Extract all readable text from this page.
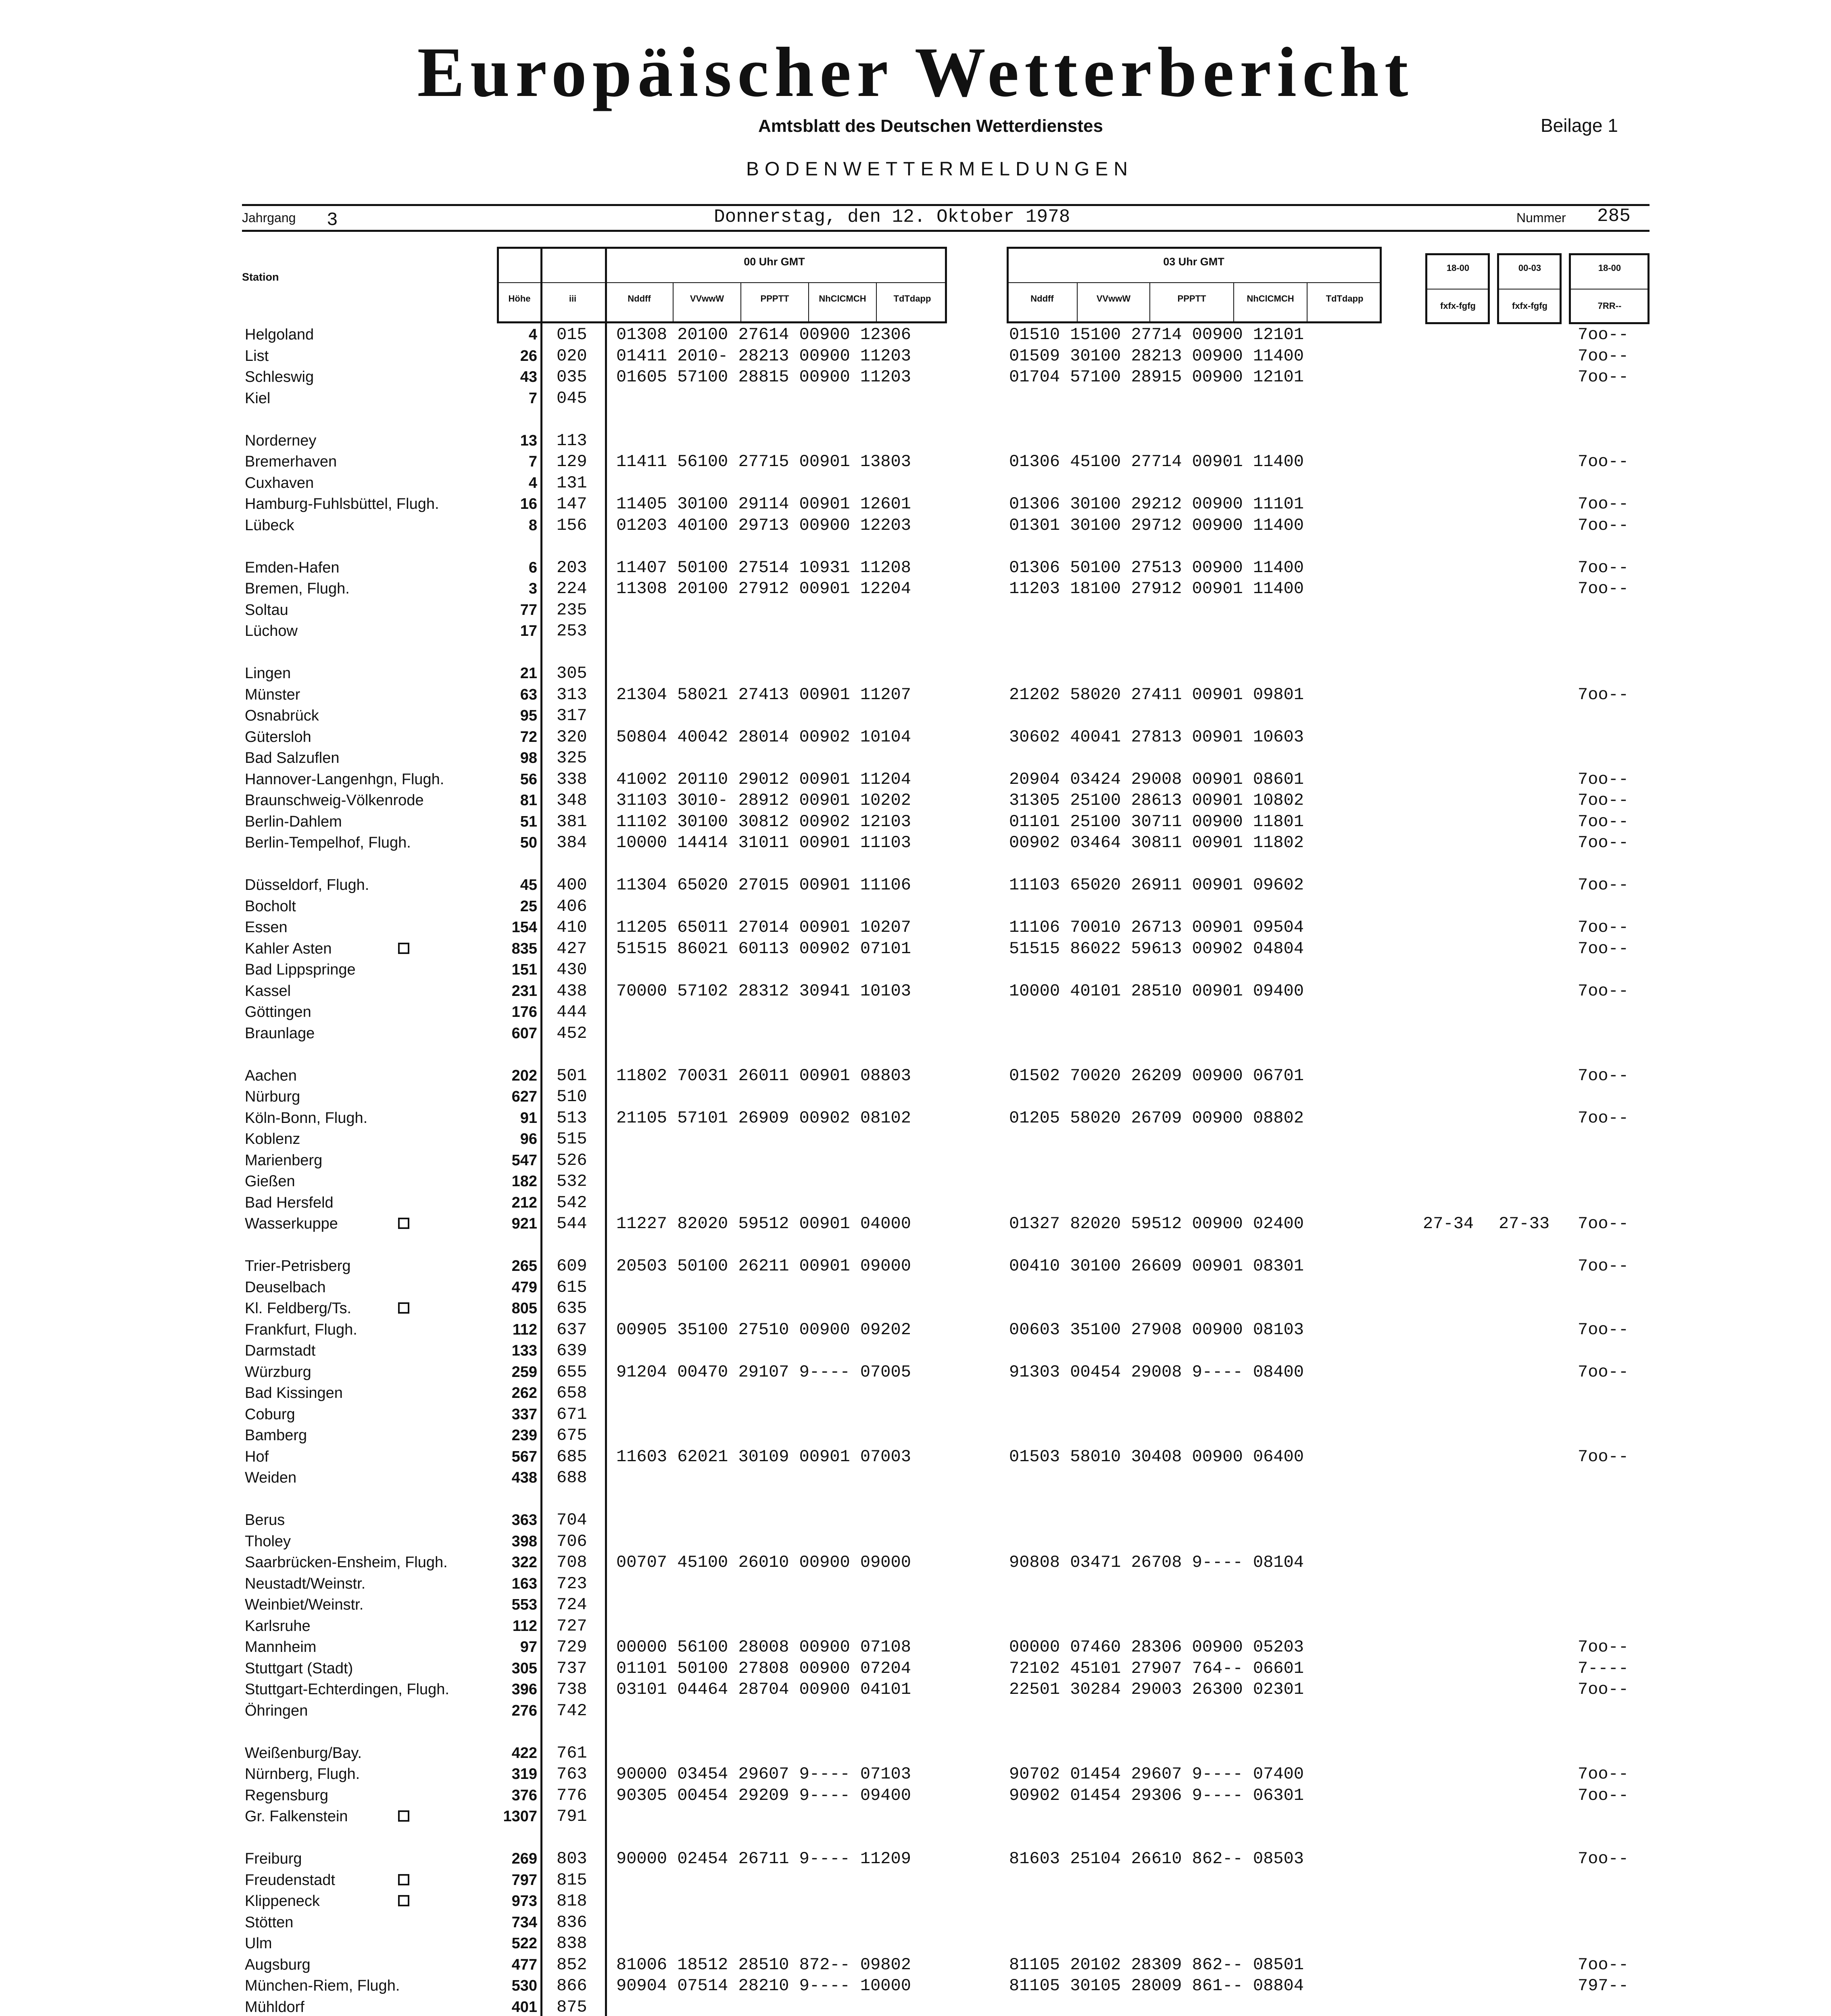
Europäischer Wetterbericht
Amtsblatt des Deutschen Wetterdienstes	Beilage 1
BODENWETTERMELDUNGEN
Jahrgang 3	Donnerstag, den 12. Oktober 1978	Nummer 285
Station
00 Uhr GMT
Höhe	iii	Nddff	VVwwW	PPPTT	NhClCMCH	TdTdapp
03 Uhr GMT
Nddff	VVwwW	PPPTT	NhClCMCH	TdTdapp
18-00
fxfx-fgfg
00-03
fxfx-fgfg
18-00
7RR--
Helgoland	4 015	01308 20100 27614 00900 12306	01510 15100 27714 00900 12101	7oo--
List	26 020	01411 2010- 28213 00900 11203	01509 30100 28213 00900 11400	7oo--
Schleswig	43 035	01605 57100 28815 00900 11203	01704 57100 28915 00900 12101	7oo--
Kiel	7 045
Norderney	13 113
Bremerhaven	7 129	11411 56100 27715 00901 13803	01306 45100 27714 00901 11400	7oo--
Cuxhaven	4 131
Hamburg-Fuhlsbüttel, Flugh.	16 147	11405 30100 29114 00901 12601	01306 30100 29212 00900 11101	7oo--
Lübeck	8 156	01203 40100 29713 00900 12203	01301 30100 29712 00900 11400	7oo--
Emden-Hafen	6 203	11407 50100 27514 10931 11208	01306 50100 27513 00900 11400	7oo--
Bremen, Flugh.	3 224	11308 20100 27912 00901 12204	11203 18100 27912 00901 11400	7oo--
Soltau	77 235
Lüchow	17 253
Lingen	21 305
Münster	63 313	21304 58021 27413 00901 11207	21202 58020 27411 00901 09801	7oo--
Osnabrück	95 317
Gütersloh	72 320	50804 40042 28014 00902 10104	30602 40041 27813 00901 10603
Bad Salzuflen	98 325
Hannover-Langenhgn, Flugh.	56 338	41002 20110 29012 00901 11204	20904 03424 29008 00901 08601	7oo--
Braunschweig-Völkenrode	81 348	31103 3010- 28912 00901 10202	31305 25100 28613 00901 10802	7oo--
Berlin-Dahlem	51 381	11102 30100 30812 00902 12103	01101 25100 30711 00900 11801	7oo--
Berlin-Tempelhof, Flugh.	50 384	10000 14414 31011 00901 11103	00902 03464 30811 00901 11802	7oo--
Düsseldorf, Flugh.	45 400	11304 65020 27015 00901 11106	11103 65020 26911 00901 09602	7oo--
Bocholt	25 406
Essen	154 410	11205 65011 27014 00901 10207	11106 70010 26713 00901 09504	7oo--
Kahler Asten	835 427	51515 86021 60113 00902 07101	51515 86022 59613 00902 04804	7oo--
Bad Lippspringe	151 430
Kassel	231 438	70000 57102 28312 30941 10103	10000 40101 28510 00901 09400	7oo--
Göttingen	176 444
Braunlage	607 452
Aachen	202 501	11802 70031 26011 00901 08803	01502 70020 26209 00900 06701	7oo--
Nürburg	627 510
Köln-Bonn, Flugh.	91 513	21105 57101 26909 00902 08102	01205 58020 26709 00900 08802	7oo--
Koblenz	96 515
Marienberg	547 526
Gießen	182 532
Bad Hersfeld	212 542
Wasserkuppe	921 544	11227 82020 59512 00901 04000	01327 82020 59512 00900 02400	27-34 27-33 7oo--
Trier-Petrisberg	265 609	20503 50100 26211 00901 09000	00410 30100 26609 00901 08301	7oo--
Deuselbach	479 615
Kl. Feldberg/Ts.	805 635
Frankfurt, Flugh.	112 637	00905 35100 27510 00900 09202	00603 35100 27908 00900 08103	7oo--
Darmstadt	133 639
Würzburg	259 655	91204 00470 29107 9---- 07005	91303 00454 29008 9---- 08400	7oo--
Bad Kissingen	262 658
Coburg	337 671
Bamberg	239 675
Hof	567 685	11603 62021 30109 00901 07003	01503 58010 30408 00900 06400	7oo--
Weiden	438 688
Berus	363 704
Tholey	398 706
Saarbrücken-Ensheim, Flugh.	322 708	00707 45100 26010 00900 09000	90808 03471 26708 9---- 08104
Neustadt/Weinstr.	163 723
Weinbiet/Weinstr.	553 724
Karlsruhe	112 727
Mannheim	97 729	00000 56100 28008 00900 07108	00000 07460 28306 00900 05203	7oo--
Stuttgart (Stadt)	305 737	01101 50100 27808 00900 07204	72102 45101 27907 764-- 06601	7----
Stuttgart-Echterdingen, Flugh.	396 738	03101 04464 28704 00900 04101	22501 30284 29003 26300 02301	7oo--
Öhringen	276 742
Weißenburg/Bay.	422 761
Nürnberg, Flugh.	319 763	90000 03454 29607 9---- 07103	90702 01454 29607 9---- 07400	7oo--
Regensburg	376 776	90305 00454 29209 9---- 09400	90902 01454 29306 9---- 06301	7oo--
Gr. Falkenstein	1307 791
Freiburg	269 803	90000 02454 26711 9---- 11209	81603 25104 26610 862-- 08503	7oo--
Freudenstadt	797 815
Klippeneck	973 818
Stötten	734 836
Ulm	522 838
Augsburg	477 852	81006 18512 28510 872-- 09802	81105 20102 28309 862-- 08501	7oo--
München-Riem, Flugh.	530 866	90904 07514 28210 9---- 10000	81105 30105 28009 861-- 08804	797--
Mühldorf	401 875
